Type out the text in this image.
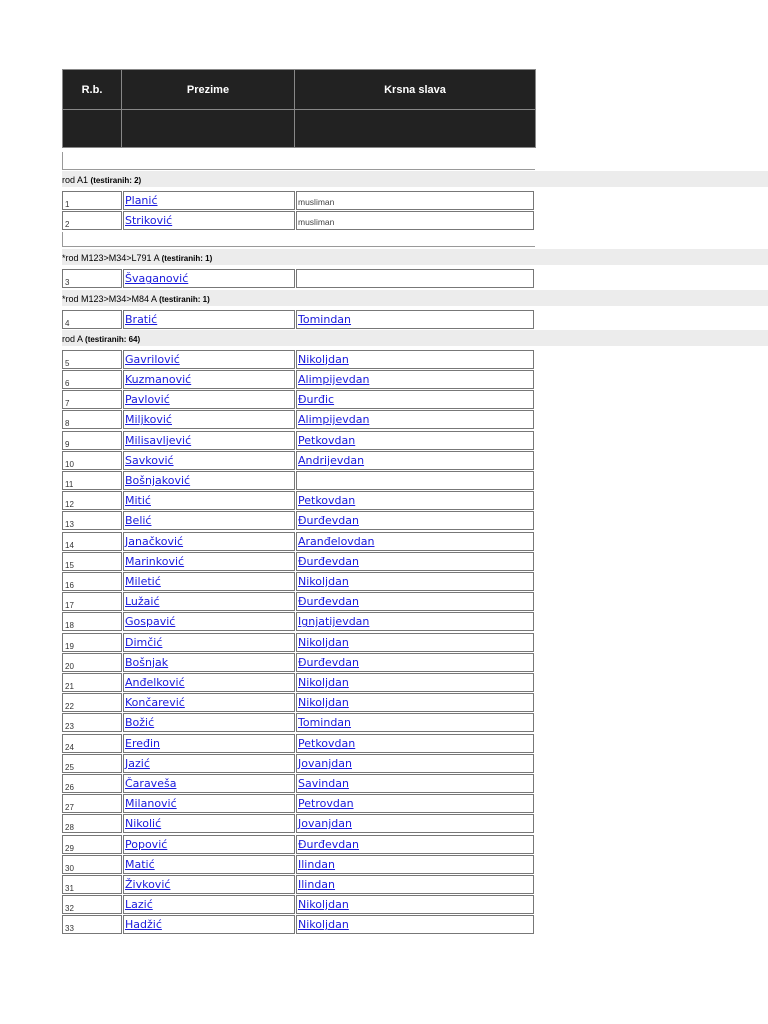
R.b.	Prezime	Krsna slava

rod A1 (testiranih: 2)
1	Planić	musliman
2	Striković	musliman
*rod M123>M34>L791 A (testiranih: 1)
3	Švaganović
*rod M123>M34>M84 A (testiranih: 1)
4	Bratić	Tomindan
rod A (testiranih: 64)
5	Gavrilović	Nikoljdan
6	Kuzmanović	Alimpijevdan
7	Pavlović	Đurđic
8	Miljković	Alimpijevdan
9	Milisavljević	Petkovdan
10	Savković	Andrijevdan
11	Bošnjaković
12	Mitić	Petkovdan
13	Belić	Đurđevdan
14	Janačković	Aranđelovdan
15	Marinković	Đurđevdan
16	Miletić	Nikoljdan
17	Lužaić	Đurđevdan
18	Gospavić	Ignjatijevdan
19	Dimčić	Nikoljdan
20	Bošnjak	Đurđevdan
21	Anđelković	Nikoljdan
22	Končarević	Nikoljdan
23	Božić	Tomindan
24	Eređin	Petkovdan
25	Jazić	Jovanjdan
26	Čaraveša	Savindan
27	Milanović	Petrovdan
28	Nikolić	Jovanjdan
29	Popović	Đurđevdan
30	Matić	Ilindan
31	Živković	Ilindan
32	Lazić	Nikoljdan
33	Hadžić	Nikoljdan
